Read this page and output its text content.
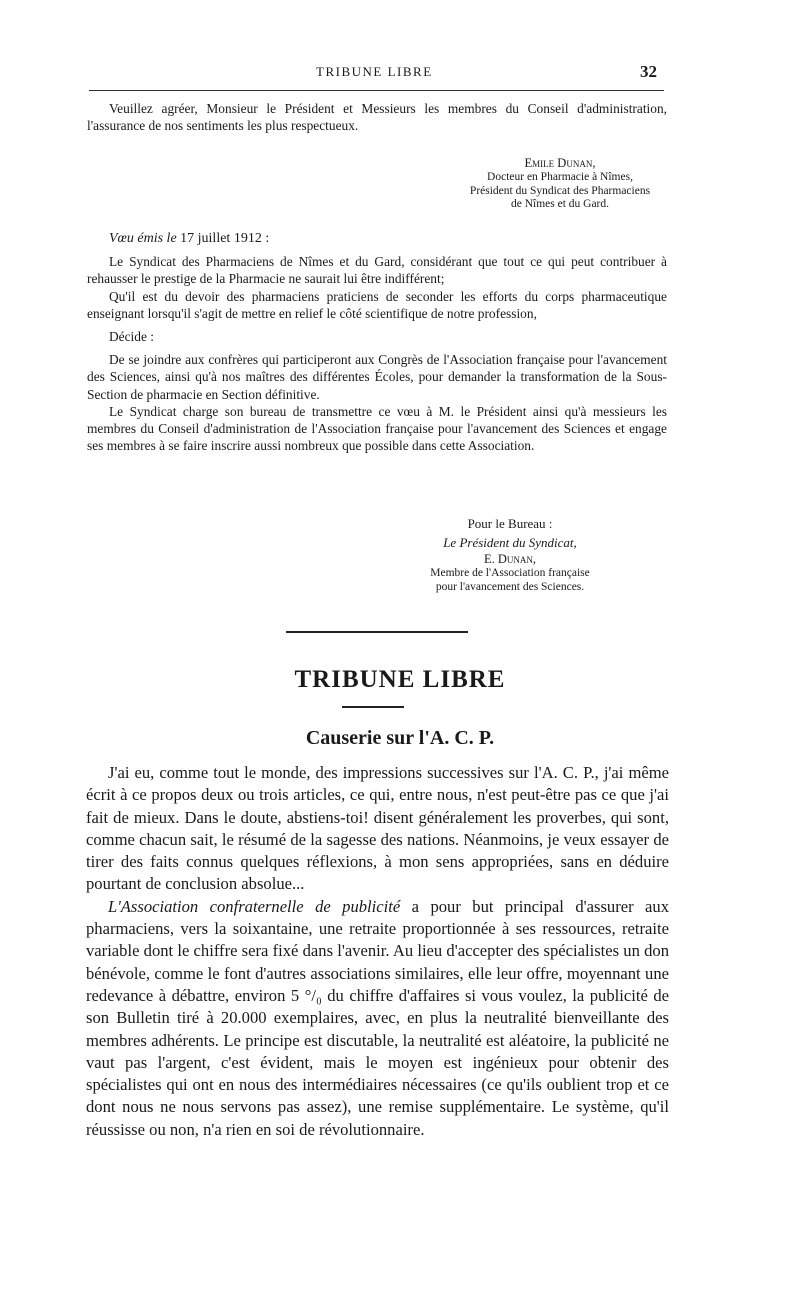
TRIBUNE LIBRE	32

Veuillez agréer, Monsieur le Président et Messieurs les membres du Conseil d'administration, l'assurance de nos sentiments les plus respectueux.

Emile Dunan,
Docteur en Pharmacie à Nîmes,
Président du Syndicat des Pharmaciens
de Nîmes et du Gard.

Vœu émis le 17 juillet 1912 :

Le Syndicat des Pharmaciens de Nîmes et du Gard, considérant que tout ce qui peut contribuer à rehausser le prestige de la Pharmacie ne saurait lui être indifférent;

Qu'il est du devoir des pharmaciens praticiens de seconder les efforts du corps pharmaceutique enseignant lorsqu'il s'agit de mettre en relief le côté scientifique de notre profession,

Décide :

De se joindre aux confrères qui participeront aux Congrès de l'Association française pour l'avancement des Sciences, ainsi qu'à nos maîtres des différentes Écoles, pour demander la transformation de la Sous-Section de pharmacie en Section définitive.

Le Syndicat charge son bureau de transmettre ce vœu à M. le Président ainsi qu'à messieurs les membres du Conseil d'administration de l'Association française pour l'avancement des Sciences et engage ses membres à se faire inscrire aussi nombreux que possible dans cette Association.

Pour le Bureau :
Le Président du Syndicat,
E. Dunan,
Membre de l'Association française
pour l'avancement des Sciences.
TRIBUNE LIBRE
Causerie sur l'A. C. P.

J'ai eu, comme tout le monde, des impressions successives sur l'A. C. P., j'ai même écrit à ce propos deux ou trois articles, ce qui, entre nous, n'est peut-être pas ce que j'ai fait de mieux. Dans le doute, abstiens-toi! disent généralement les proverbes, qui sont, comme chacun sait, le résumé de la sagesse des nations. Néanmoins, je veux essayer de tirer des faits connus quelques réflexions, à mon sens appropriées, sans en déduire pourtant de conclusion absolue...

L'Association confraternelle de publicité a pour but principal d'assurer aux pharmaciens, vers la soixantaine, une retraite proportionnée à ses ressources, retraite variable dont le chiffre sera fixé dans l'avenir. Au lieu d'accepter des spécialistes un don bénévole, comme le font d'autres associations similaires, elle leur offre, moyennant une redevance à débattre, environ 5 °/₀ du chiffre d'affaires si vous voulez, la publicité de son Bulletin tiré à 20.000 exemplaires, avec, en plus la neutralité bienveillante des membres adhérents. Le principe est discutable, la neutralité est aléatoire, la publicité ne vaut pas l'argent, c'est évident, mais le moyen est ingénieux pour obtenir des spécialistes qui ont en nous des intermédiaires nécessaires (ce qu'ils oublient trop et ce dont nous ne nous servons pas assez), une remise supplémentaire. Le système, qu'il réussisse ou non, n'a rien en soi de révolutionnaire.
